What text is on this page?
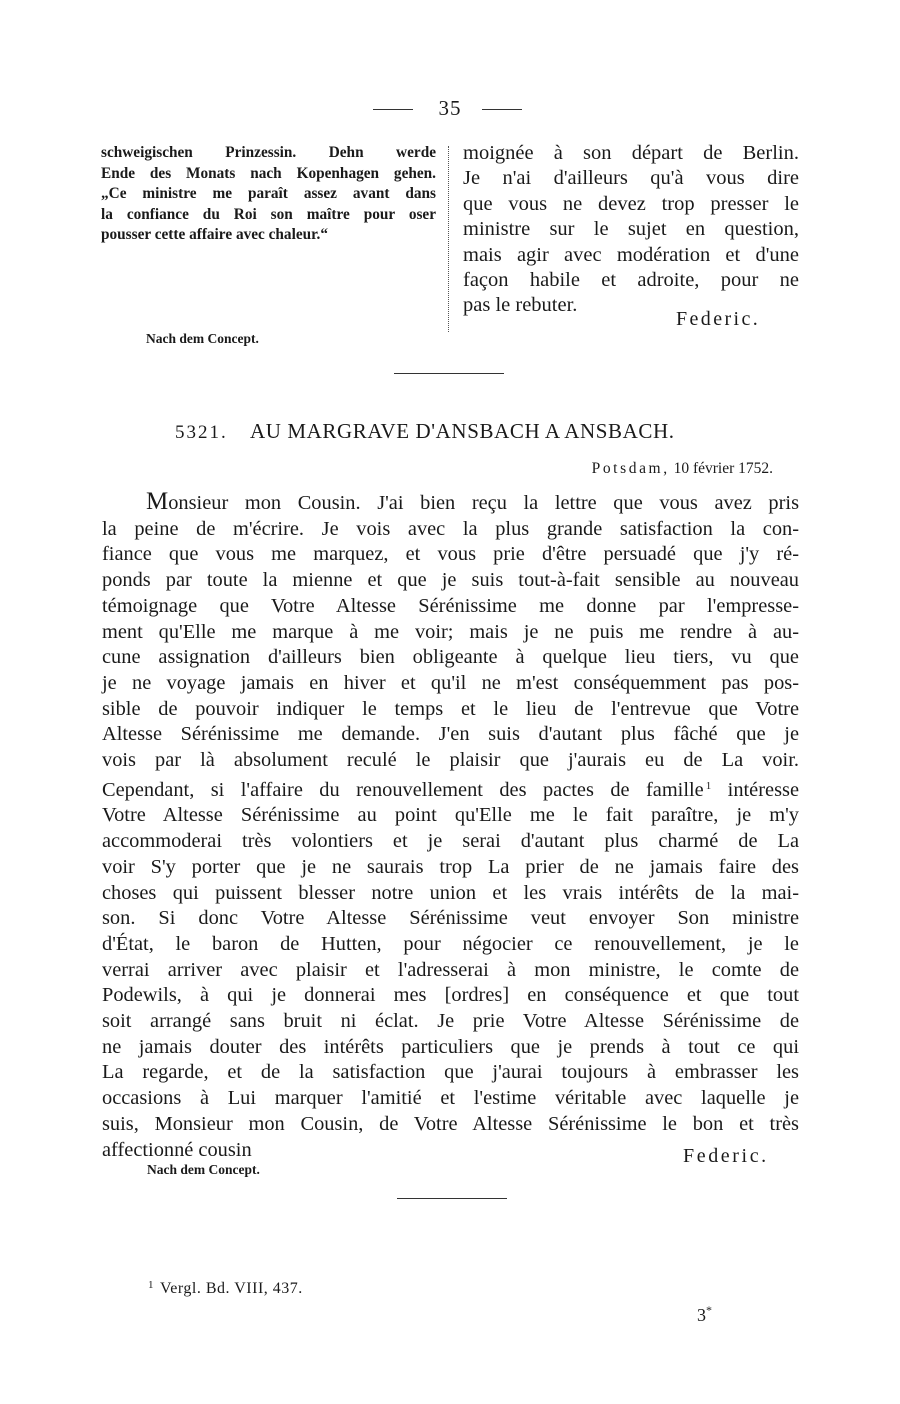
35
schweigischen Prinzessin. Dehn werde
Ende des Monats nach Kopenhagen gehen.
„Ce ministre me paraît assez avant dans
la confiance du Roi son maître pour oser
pousser cette affaire avec chaleur.“
moignée à son départ de Berlin.
Je n'ai d'ailleurs qu'à vous dire
que vous ne devez trop presser le
ministre sur le sujet en question,
mais agir avec modération et d'une
façon habile et adroite, pour ne
pas le rebuter.
Federic.
Nach dem Concept.
5321. AU MARGRAVE D'ANSBACH A ANSBACH.
Potsdam, 10 février 1752.
Monsieur mon Cousin. J'ai bien reçu la lettre que vous avez pris
la peine de m'écrire. Je vois avec la plus grande satisfaction la con-
fiance que vous me marquez, et vous prie d'être persuadé que j'y ré-
ponds par toute la mienne et que je suis tout-à-fait sensible au nouveau
témoignage que Votre Altesse Sérénissime me donne par l'empresse-
ment qu'Elle me marque à me voir; mais je ne puis me rendre à au-
cune assignation d'ailleurs bien obligeante à quelque lieu tiers, vu que
je ne voyage jamais en hiver et qu'il ne m'est conséquemment pas pos-
sible de pouvoir indiquer le temps et le lieu de l'entrevue que Votre
Altesse Sérénissime me demande. J'en suis d'autant plus fâché que je
vois par là absolument reculé le plaisir que j'aurais eu de La voir.
Cependant, si l'affaire du renouvellement des pactes de famille $^1$ intéresse
Votre Altesse Sérénissime au point qu'Elle me le fait paraître, je m'y
accommoderai très volontiers et je serai d'autant plus charmé de La
voir S'y porter que je ne saurais trop La prier de ne jamais faire des
choses qui puissent blesser notre union et les vrais intérêts de la mai-
son. Si donc Votre Altesse Sérénissime veut envoyer Son ministre
d'État, le baron de Hutten, pour négocier ce renouvellement, je le
verrai arriver avec plaisir et l'adresserai à mon ministre, le comte de
Podewils, à qui je donnerai mes [ordres] en conséquence et que tout
soit arrangé sans bruit ni éclat. Je prie Votre Altesse Sérénissime de
ne jamais douter des intérêts particuliers que je prends à tout ce qui
La regarde, et de la satisfaction que j'aurai toujours à embrasser les
occasions à Lui marquer l'amitié et l'estime véritable avec laquelle je
suis, Monsieur mon Cousin, de Votre Altesse Sérénissime le bon et très
affectionné cousin	Federic.
Nach dem Concept.
$^1$ Vergl. Bd. VIII, 437.
3*
